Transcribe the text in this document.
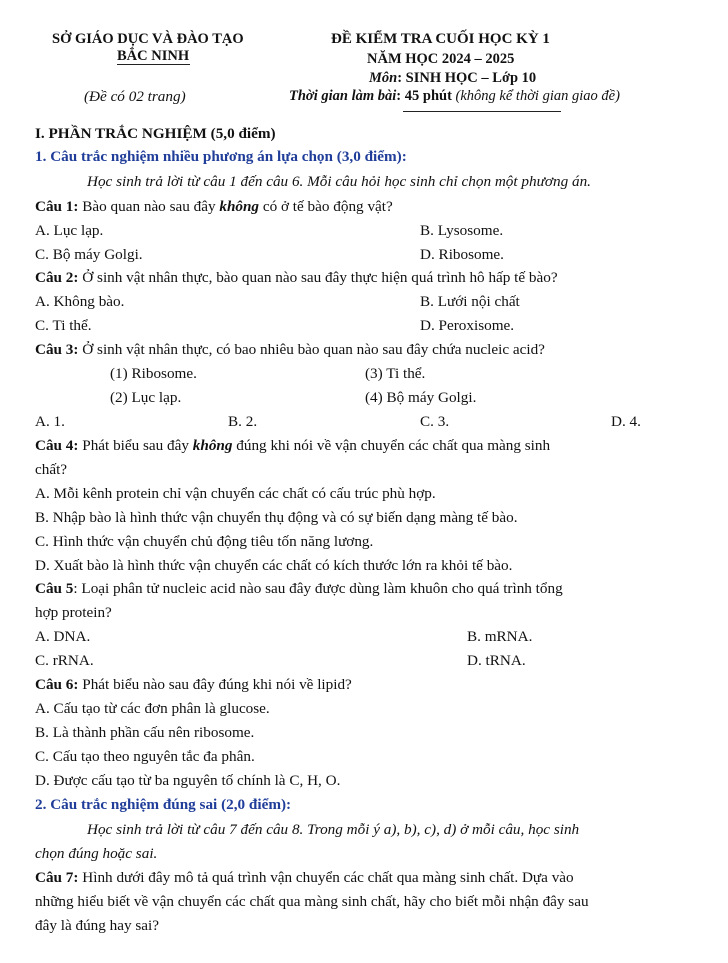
SỞ GIÁO DỤC VÀ ĐÀO TẠO
BẮC NINH
(Đề có 02 trang)
ĐỀ KIỂM TRA CUỐI HỌC KỲ 1
NĂM HỌC 2024 – 2025
Môn: SINH HỌC – Lớp 10
Thời gian làm bài: 45 phút (không kể thời gian giao đề)
I. PHẦN TRẮC NGHIỆM (5,0 điểm)
1. Câu trắc nghiệm nhiều phương án lựa chọn (3,0 điểm):
Học sinh trả lời từ câu 1 đến câu 6. Mỗi câu hỏi học sinh chỉ chọn một phương án.
Câu 1: Bào quan nào sau đây không có ở tế bào động vật?
A. Lục lạp.	B. Lysosome.
C. Bộ máy Golgi.	D. Ribosome.
Câu 2: Ở sinh vật nhân thực, bào quan nào sau đây thực hiện quá trình hô hấp tế bào?
A. Không bào.	B. Lưới nội chất
C. Ti thể.	D. Peroxisome.
Câu 3: Ở sinh vật nhân thực, có bao nhiêu bào quan nào sau đây chứa nucleic acid?
(1) Ribosome.	(3) Ti thể.
(2) Lục lạp.	(4) Bộ máy Golgi.
A. 1.	B. 2.	C. 3.	D. 4.
Câu 4: Phát biểu sau đây không đúng khi nói về vận chuyển các chất qua màng sinh
chất?
A. Mỗi kênh protein chỉ vận chuyển các chất có cấu trúc phù hợp.
B. Nhập bào là hình thức vận chuyển thụ động và có sự biến dạng màng tế bào.
C. Hình thức vận chuyển chủ động tiêu tốn năng lương.
D. Xuất bào là hình thức vận chuyển các chất có kích thước lớn ra khỏi tế bào.
Câu 5: Loại phân tử nucleic acid nào sau đây được dùng làm khuôn cho quá trình tổng
hợp protein?
A. DNA.	B. mRNA.
C. rRNA.	D. tRNA.
Câu 6: Phát biểu nào sau đây đúng khi nói về lipid?
A. Cấu tạo từ các đơn phân là glucose.
B. Là thành phần cấu nên ribosome.
C. Cấu tạo theo nguyên tắc đa phân.
D. Được cấu tạo từ ba nguyên tố chính là C, H, O.
2. Câu trắc nghiệm đúng sai (2,0 điểm):
Học sinh trả lời từ câu 7 đến câu 8. Trong mỗi ý a), b), c), d) ở mỗi câu, học sinh
chọn đúng hoặc sai.
Câu 7: Hình dưới đây mô tả quá trình vận chuyển các chất qua màng sinh chất. Dựa vào
những hiểu biết về vận chuyển các chất qua màng sinh chất, hãy cho biết mỗi nhận đây sau
đây là đúng hay sai?
